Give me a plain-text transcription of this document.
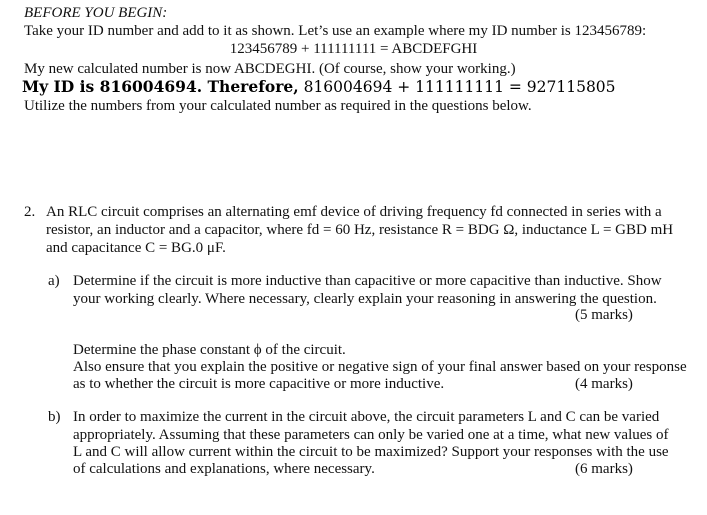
BEFORE YOU BEGIN:
Take your ID number and add to it as shown. Let’s use an example where my ID number is 123456789:
123456789 + 111111111 = ABCDEFGHI
My new calculated number is now ABCDEGHI. (Of course, show your working.)
My ID is 816004694. Therefore, 816004694 + 111111111 = 927115805
Utilize the numbers from your calculated number as required in the questions below.
2. An RLC circuit comprises an alternating emf device of driving frequency fd connected in series with a
resistor, an inductor and a capacitor, where fd = 60 Hz, resistance R = BDG Ω, inductance L = GBD mH
and capacitance C = BG.0 μF.
a) Determine if the circuit is more inductive than capacitive or more capacitive than inductive. Show
your working clearly. Where necessary, clearly explain your reasoning in answering the question.
(5 marks)
Determine the phase constant ϕ of the circuit.
Also ensure that you explain the positive or negative sign of your final answer based on your response
as to whether the circuit is more capacitive or more inductive.	(4 marks)
b) In order to maximize the current in the circuit above, the circuit parameters L and C can be varied
appropriately. Assuming that these parameters can only be varied one at a time, what new values of
L and C will allow current within the circuit to be maximized? Support your responses with the use
of calculations and explanations, where necessary.	(6 marks)
